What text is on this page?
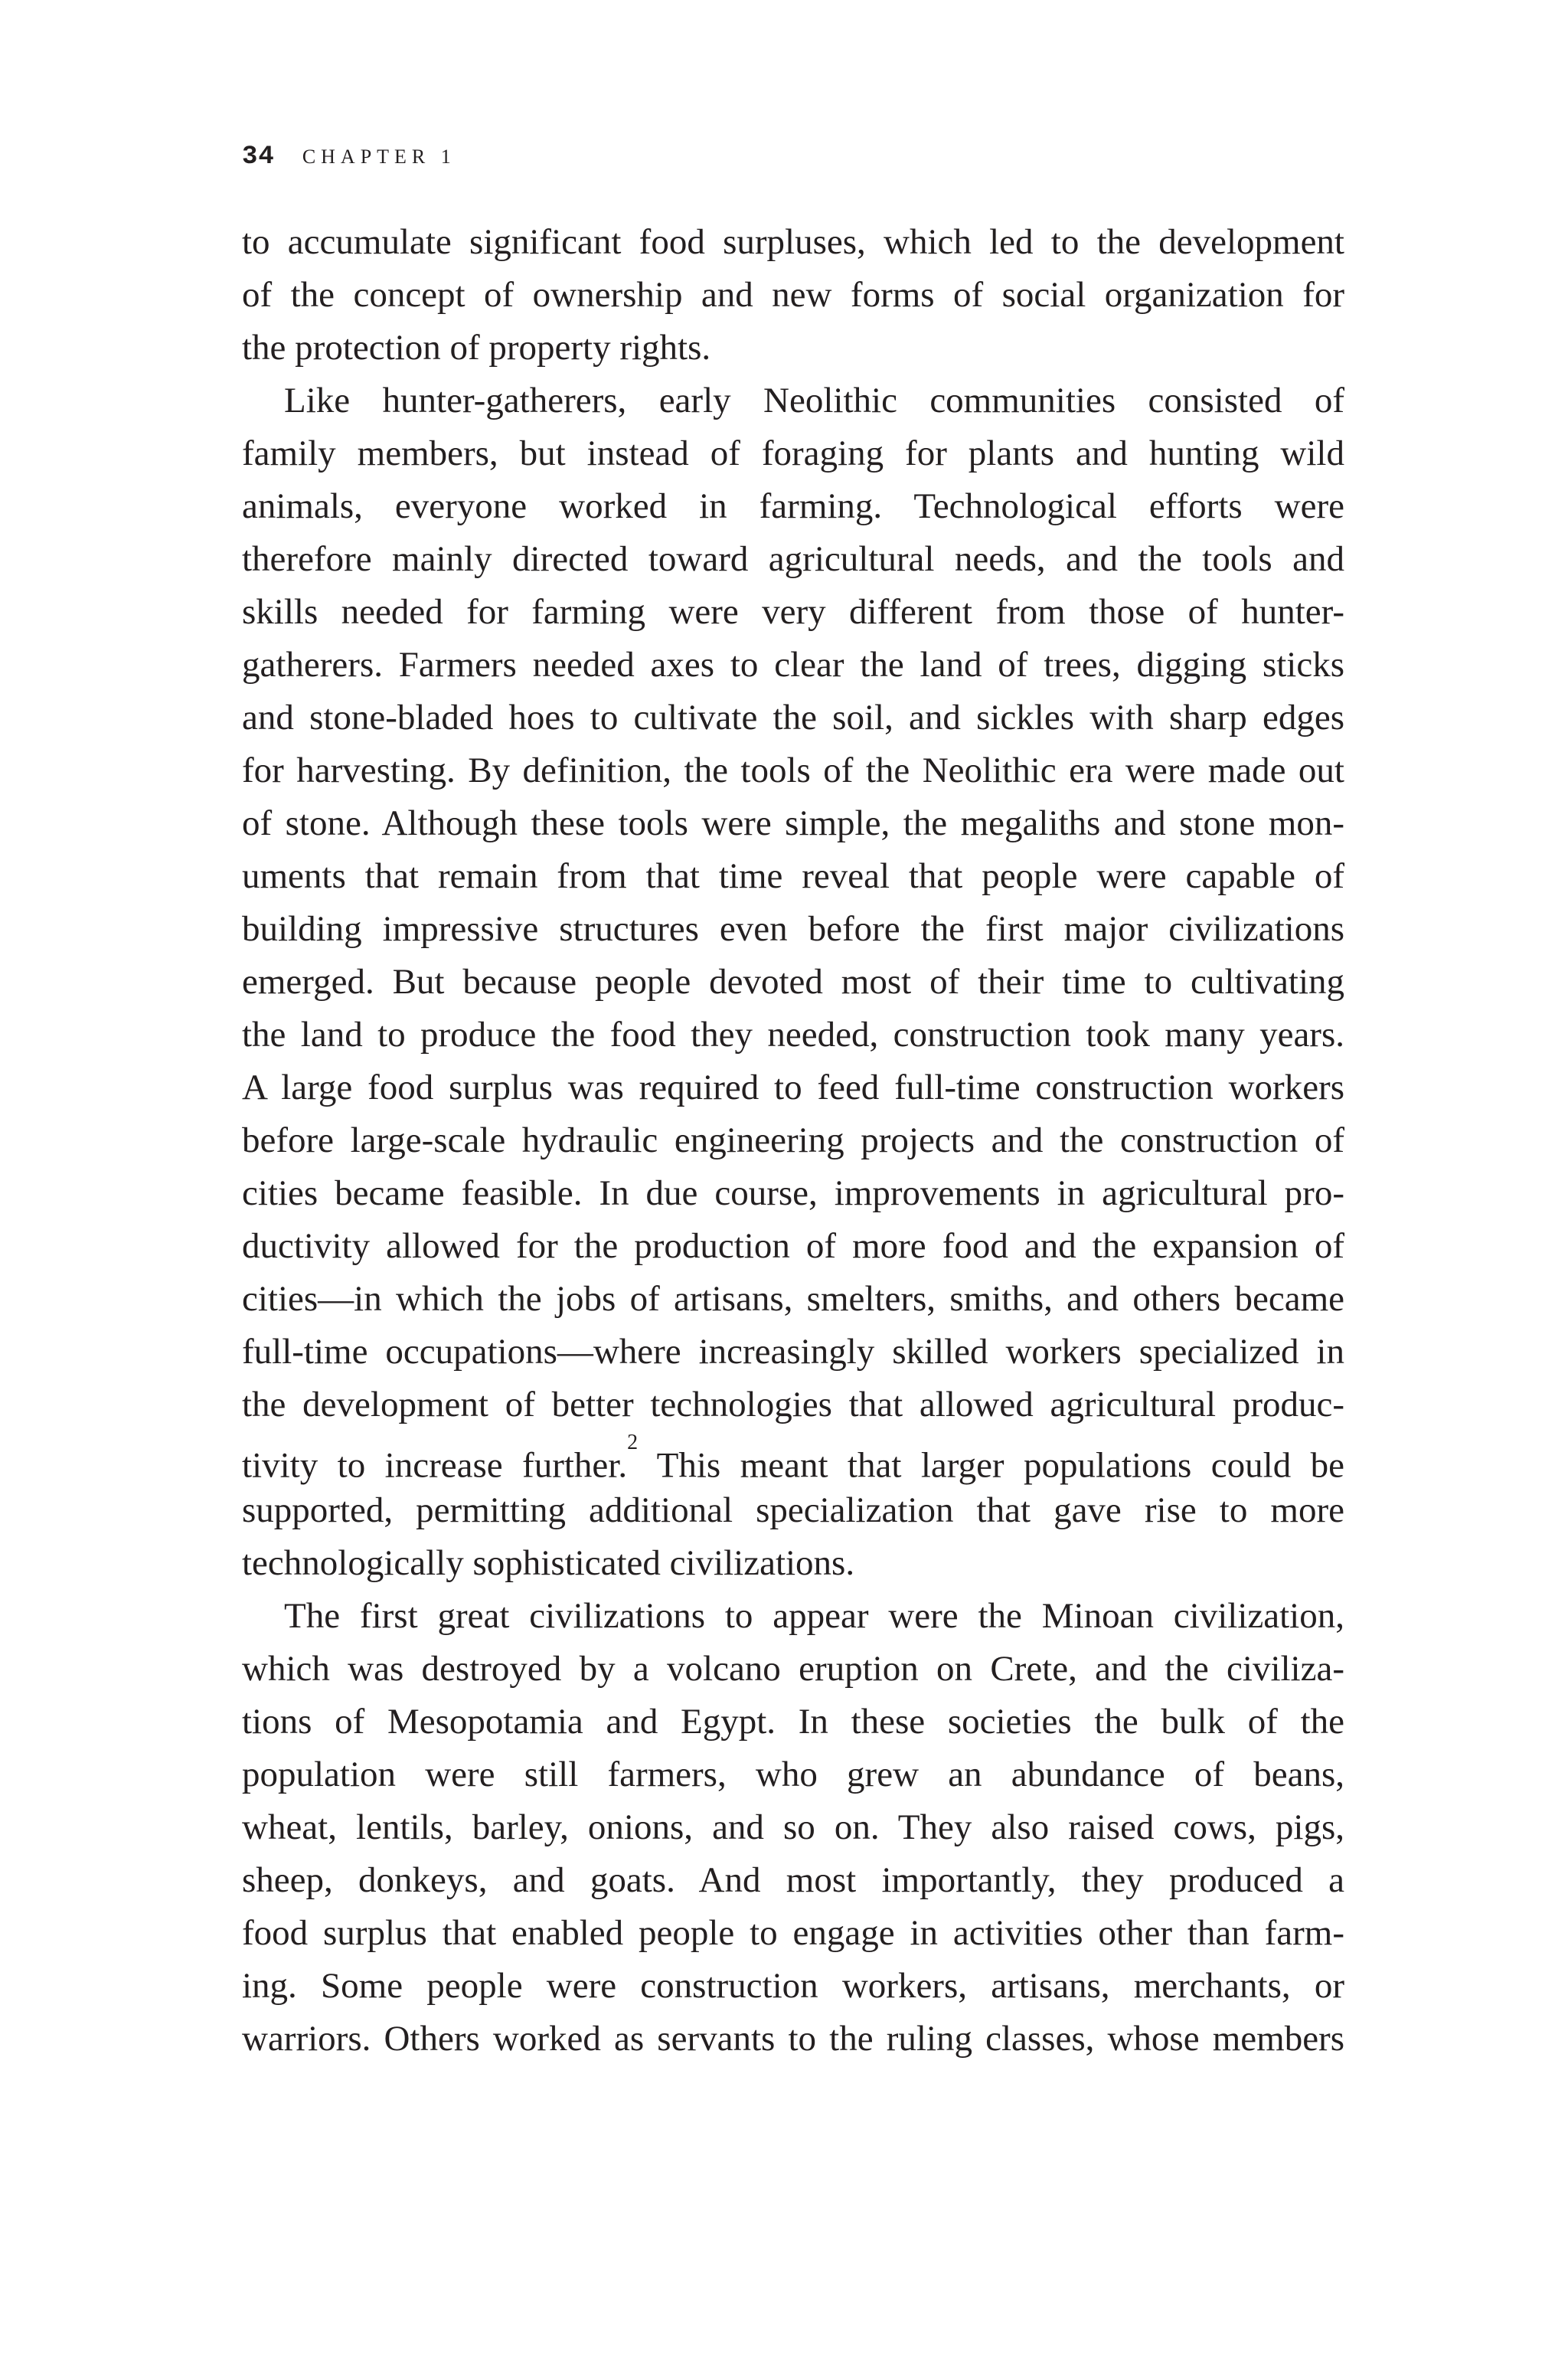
34 CHAPTER 1
to accumulate significant food surpluses, which led to the development
of the concept of ownership and new forms of social organization for
the protection of property rights.
Like hunter-gatherers, early Neolithic communities consisted of
family members, but instead of foraging for plants and hunting wild
animals, everyone worked in farming. Technological efforts were
therefore mainly directed toward agricultural needs, and the tools and
skills needed for farming were very different from those of hunter-
gatherers. Farmers needed axes to clear the land of trees, digging sticks
and stone-bladed hoes to cultivate the soil, and sickles with sharp edges
for harvesting. By definition, the tools of the Neolithic era were made out
of stone. Although these tools were simple, the megaliths and stone mon-
uments that remain from that time reveal that people were capable of
building impressive structures even before the first major civilizations
emerged. But because people devoted most of their time to cultivating
the land to produce the food they needed, construction took many years.
A large food surplus was required to feed full-time construction workers
before large-scale hydraulic engineering projects and the construction of
cities became feasible. In due course, improvements in agricultural pro-
ductivity allowed for the production of more food and the expansion of
cities—in which the jobs of artisans, smelters, smiths, and others became
full-time occupations—where increasingly skilled workers specialized in
the development of better technologies that allowed agricultural produc-
tivity to increase further.$^2$ This meant that larger populations could be
supported, permitting additional specialization that gave rise to more
technologically sophisticated civilizations.
The first great civilizations to appear were the Minoan civilization,
which was destroyed by a volcano eruption on Crete, and the civiliza-
tions of Mesopotamia and Egypt. In these societies the bulk of the
population were still farmers, who grew an abundance of beans,
wheat, lentils, barley, onions, and so on. They also raised cows, pigs,
sheep, donkeys, and goats. And most importantly, they produced a
food surplus that enabled people to engage in activities other than farm-
ing. Some people were construction workers, artisans, merchants, or
warriors. Others worked as servants to the ruling classes, whose members
